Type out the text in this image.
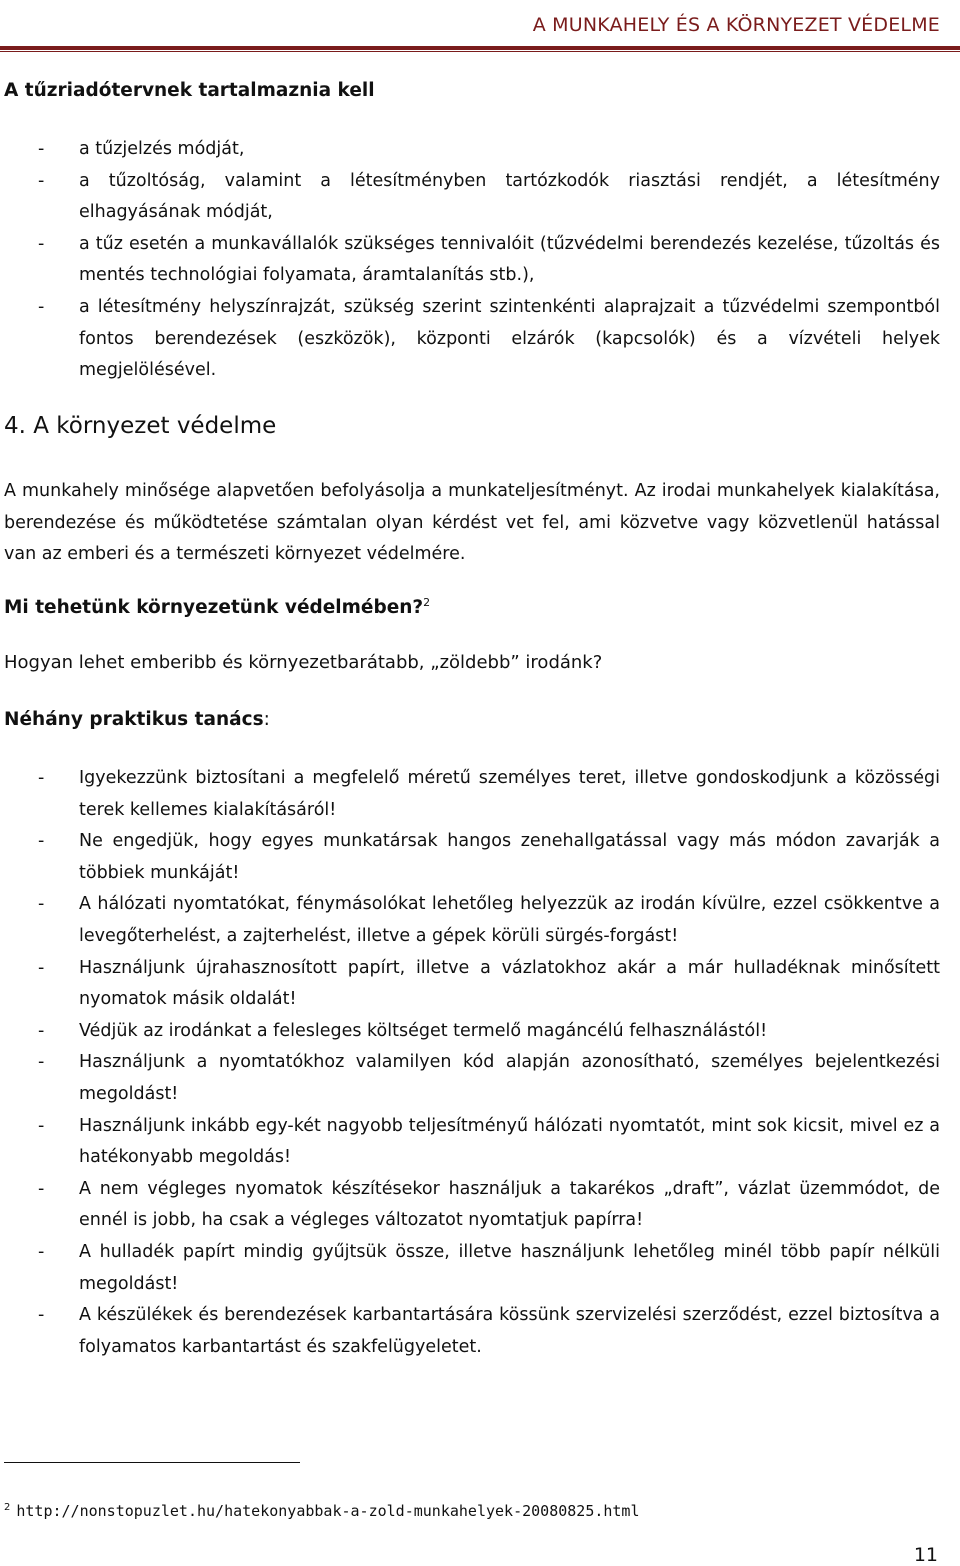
A MUNKAHELY ÉS A KÖRNYEZET VÉDELME
A tűzriadótervnek tartalmaznia kell
- a tűzjelzés módját,
- a tűzoltóság, valamint a létesítményben tartózkodók riasztási rendjét, a létesítmény elhagyásának módját,
- a tűz esetén a munkavállalók szükséges tennivalóit (tűzvédelmi berendezés kezelése, tűzoltás és mentés technológiai folyamata, áramtalanítás stb.),
- a létesítmény helyszínrajzát, szükség szerint szintenkénti alaprajzait a tűzvédelmi szempontból fontos berendezések (eszközök), központi elzárók (kapcsolók) és a vízvételi helyek megjelölésével.
4. A környezet védelme
A munkahely minősége alapvetően befolyásolja a munkateljesítményt. Az irodai munkahelyek kialakítása, berendezése és működtetése számtalan olyan kérdést vet fel, ami közvetve vagy közvetlenül hatással van az emberi és a természeti környezet védelmére.
Mi tehetünk környezetünk védelmében?$^2$
Hogyan lehet emberibb és környezetbarátabb, „zöldebb” irodánk?
Néhány praktikus tanács:
- Igyekezzünk biztosítani a megfelelő méretű személyes teret, illetve gondoskodjunk a közösségi terek kellemes kialakításáról!
- Ne engedjük, hogy egyes munkatársak hangos zenehallgatással vagy más módon zavarják a többiek munkáját!
- A hálózati nyomtatókat, fénymásolókat lehetőleg helyezzük az irodán kívülre, ezzel csökkentve a levegőterhelést, a zajterhelést, illetve a gépek körüli sürgés-forgást!
- Használjunk újrahasznosított papírt, illetve a vázlatokhoz akár a már hulladéknak minősített nyomatok másik oldalát!
- Védjük az irodánkat a felesleges költséget termelő magáncélú felhasználástól!
- Használjunk a nyomtatókhoz valamilyen kód alapján azonosítható, személyes bejelentkezési megoldást!
- Használjunk inkább egy-két nagyobb teljesítményű hálózati nyomtatót, mint sok kicsit, mivel ez a hatékonyabb megoldás!
- A nem végleges nyomatok készítésekor használjuk a takarékos „draft”, vázlat üzemmódot, de ennél is jobb, ha csak a végleges változatot nyomtatjuk papírra!
- A hulladék papírt mindig gyűjtsük össze, illetve használjunk lehetőleg minél több papír nélküli megoldást!
- A készülékek és berendezések karbantartására kössünk szervizelési szerződést, ezzel biztosítva a folyamatos karbantartást és szakfelügyeletet.
$^2$ http://nonstopuzlet.hu/hatekonyabbak-a-zold-munkahelyek-20080825.html
11
